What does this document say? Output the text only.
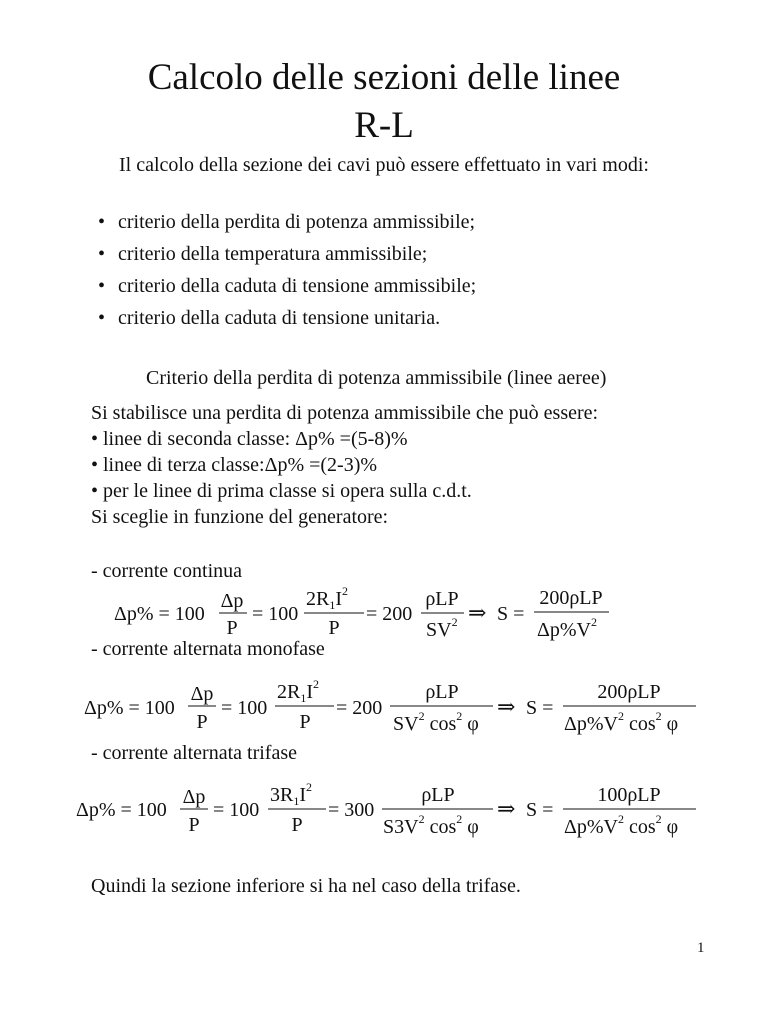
Calcolo delle sezioni delle linee
R-L
Il calcolo della sezione dei cavi può essere effettuato in vari modi:
• criterio della perdita di potenza ammissibile;
• criterio della temperatura ammissibile;
• criterio della caduta di tensione ammissibile;
• criterio della caduta di tensione unitaria.
Criterio della perdita di potenza ammissibile (linee aeree)
Si stabilisce una perdita di potenza ammissibile che può essere:
• linee di seconda classe: Δp% =(5-8)%
• linee di terza classe:Δp% =(2-3)%
• per le linee di prima classe si opera sulla c.d.t.
Si sceglie in funzione del generatore:
- corrente continua
- corrente alternata monofase
- corrente alternata trifase
Δp% = 100
Δp
P
= 100
$2R_1I^2$
P
= 200
ρLP
$SV^2$ ⇒ S =
200ρLP
$\Delta p\%V^2$
Δp% = 100
Δp
P
= 100
$2R_1I^2$
P
= 200
ρLP
$SV^2$ $\cos^2 \varphi$
⇒ S =
200ρLP
$\Delta p\%V^2$ $\cos^2 \varphi$
Δp% = 100
Δp
P
= 100
$3R_1I^2$
P
= 300
ρLP
$S3V^2$ $\cos^2 \varphi$
⇒ S =
100ρLP
$\Delta p\%V^2$ $\cos^2 \varphi$
Quindi la sezione inferiore si ha nel caso della trifase.
1
